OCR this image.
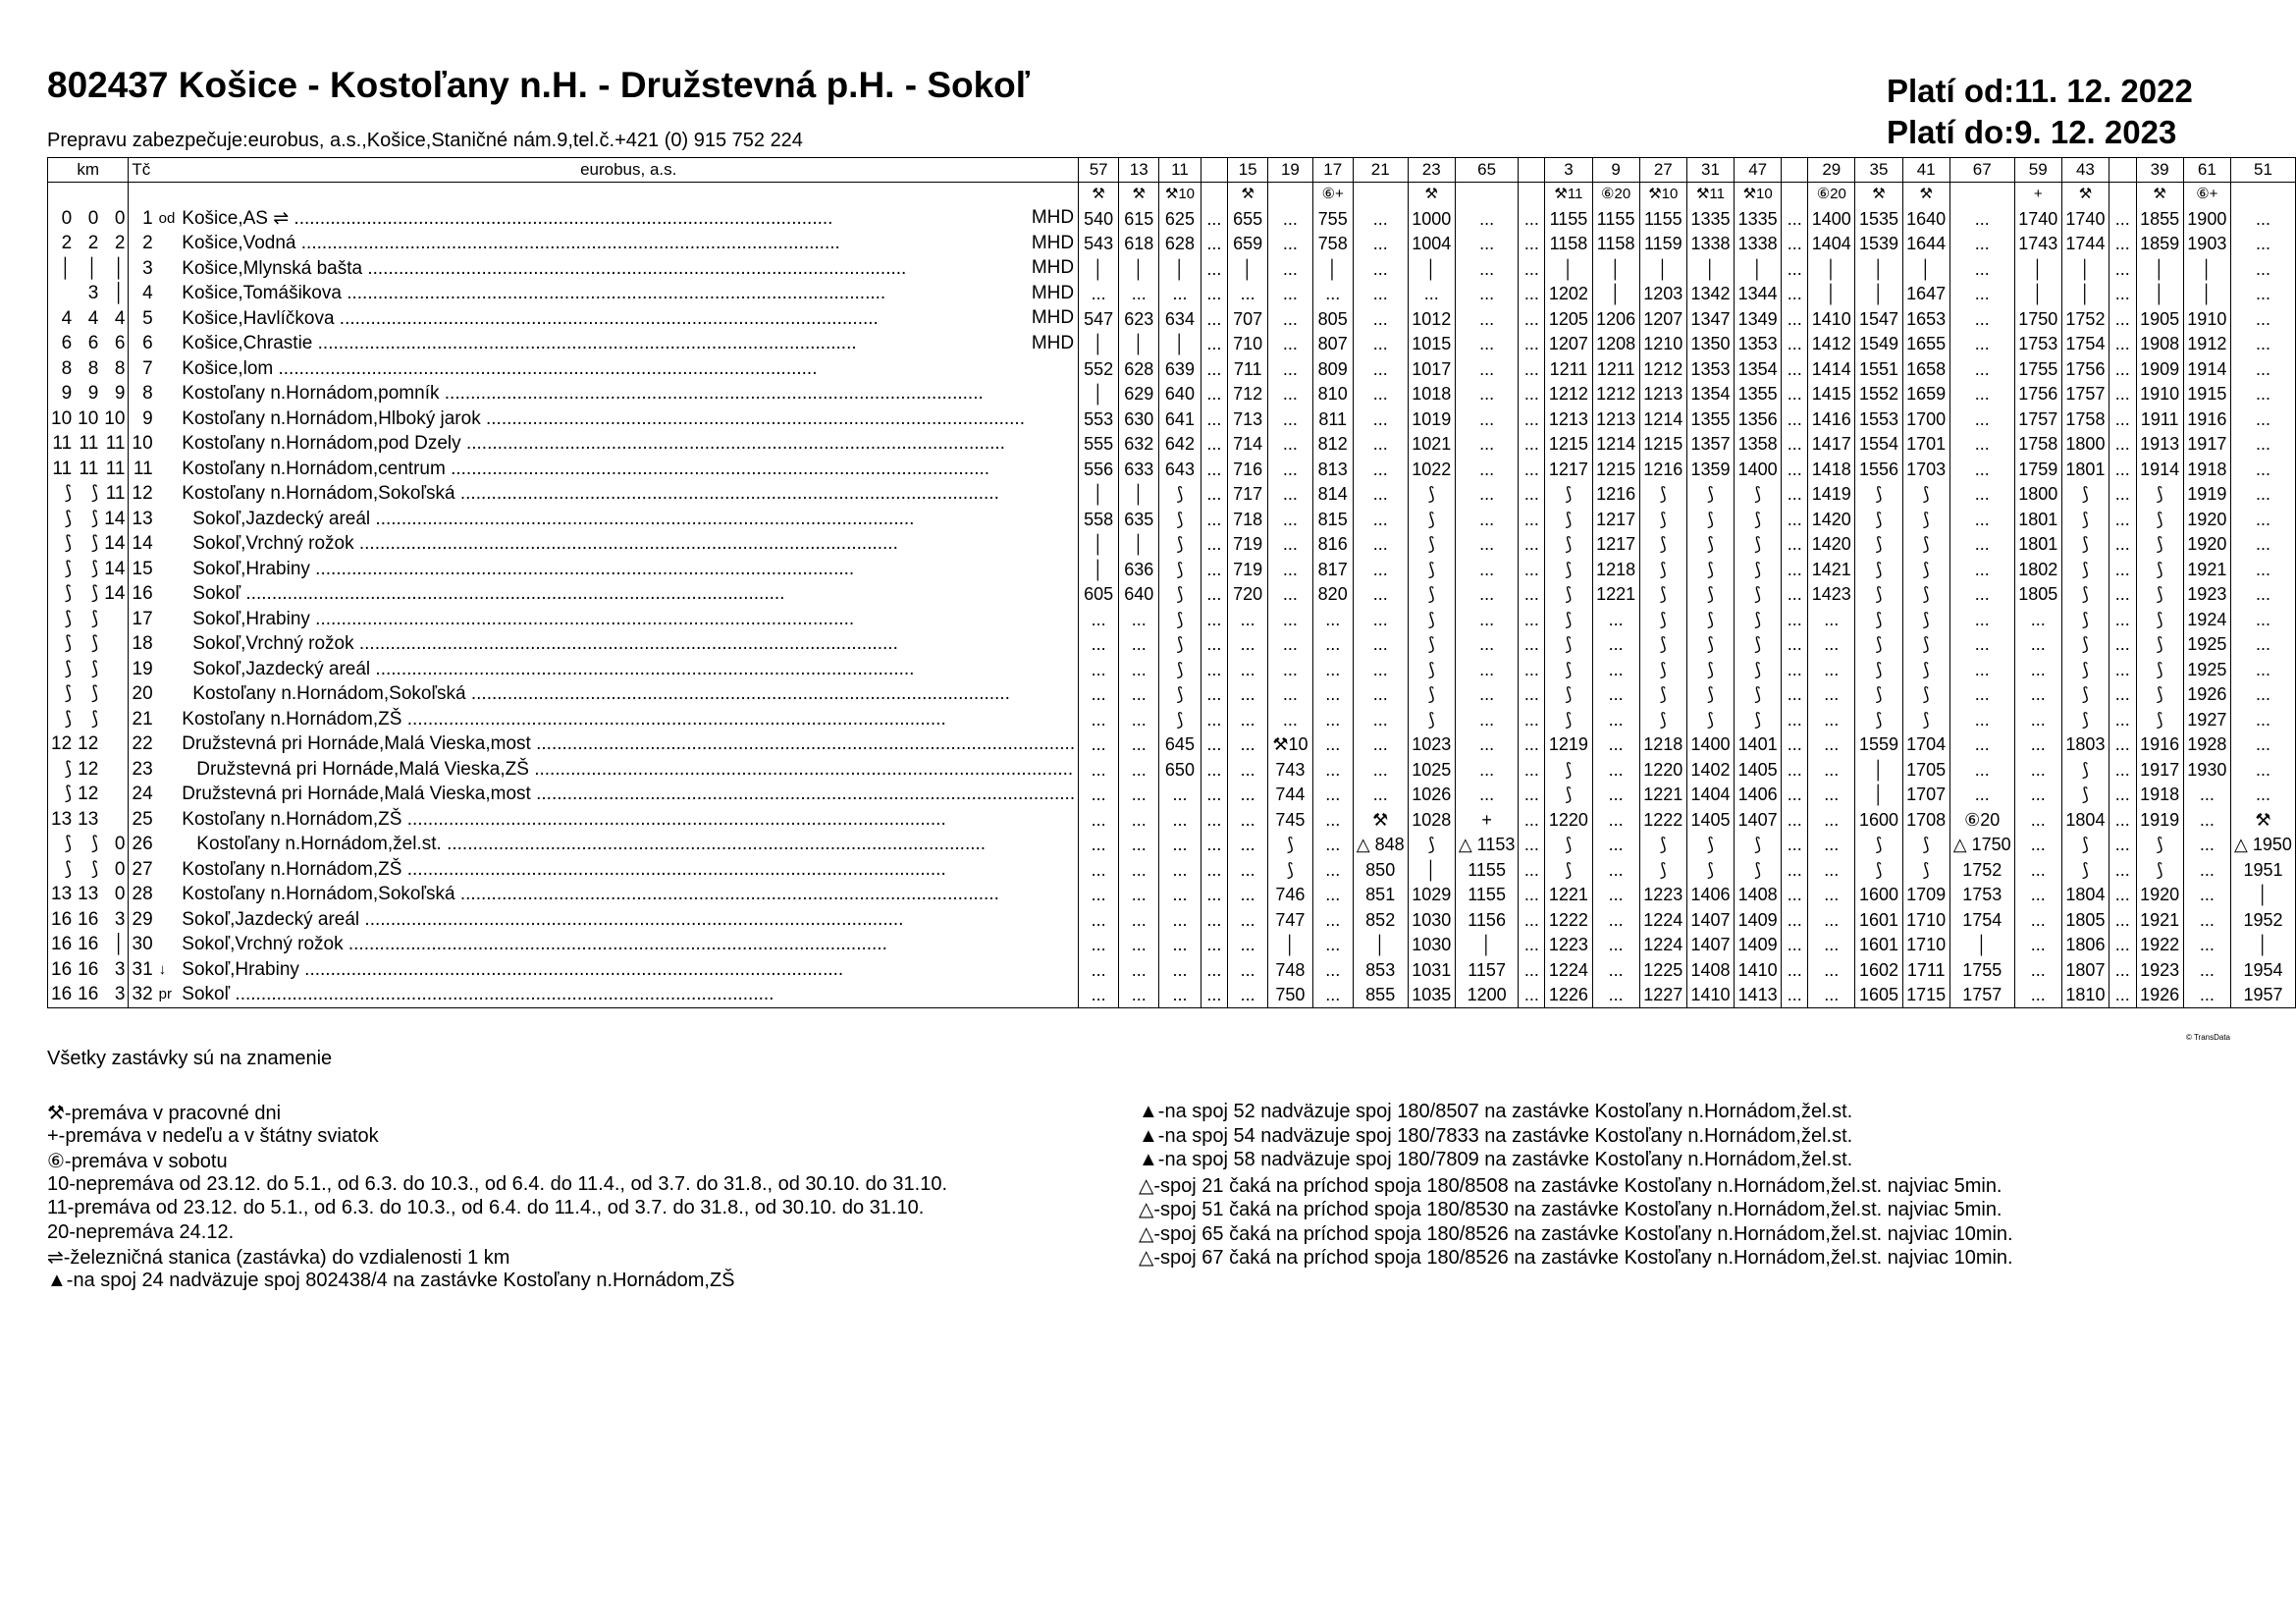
802437 Košice - Kostoľany n.H. - Družstevná p.H. - Sokoľ	Platí od:11. 12. 2022
Platí do:9. 12. 2023
Prepravu zabezpečuje:eurobus, a.s.,Košice,Staničné nám.9,tel.č.+421 (0) 915 752 224
km			Tč		eurobus, a.s.	57	13	11		15	19	17	21	23	65		3	9	27	31	47		29	35	41	67	59	43		39	61	51
						⚒	⚒	⚒10		⚒		⑥+		⚒			⚒11	⑥20	⚒10	⚒11	⚒10		⑥20	⚒	⚒		+	⚒		⚒	⑥+	
0	0	0	1	od	Košice,AS ⇌ ........................................................................................................ MHD	540	615	625	...	655	...	755	...	1000	...	...	1155	1155	1155	1335	1335	...	1400	1535	1640	...	1740	1740	...	1855	1900	...
2	2	2	2		Košice,Vodná ........................................................................................................ MHD	543	618	628	...	659	...	758	...	1004	...	...	1158	1158	1159	1338	1338	...	1404	1539	1644	...	1743	1744	...	1859	1903	...
│	│	│	3		Košice,Mlynská bašta ........................................................................................................ MHD	│	│	│	...	│	...	│	...	│	...	...	│	│	│	│	│	...	│	│	│	...	│	│	...	│	│	...
	3	│	4		Košice,Tomášikova ........................................................................................................ MHD	...	...	...	...	...	...	...	...	...	...	...	1202	│	1203	1342	1344	...	│	│	1647	...	│	│	...	│	│	...
4	4	4	5		Košice,Havlíčkova ........................................................................................................ MHD	547	623	634	...	707	...	805	...	1012	...	...	1205	1206	1207	1347	1349	...	1410	1547	1653	...	1750	1752	...	1905	1910	...
6	6	6	6		Košice,Chrastie ........................................................................................................ MHD	│	│	│	...	710	...	807	...	1015	...	...	1207	1208	1210	1350	1353	...	1412	1549	1655	...	1753	1754	...	1908	1912	...
8	8	8	7		Košice,lom ........................................................................................................	552	628	639	...	711	...	809	...	1017	...	...	1211	1211	1212	1353	1354	...	1414	1551	1658	...	1755	1756	...	1909	1914	...
9	9	9	8		Kostoľany n.Hornádom,pomník ........................................................................................................	│	629	640	...	712	...	810	...	1018	...	...	1212	1212	1213	1354	1355	...	1415	1552	1659	...	1756	1757	...	1910	1915	...
10	10	10	9		Kostoľany n.Hornádom,Hlboký jarok ........................................................................................................	553	630	641	...	713	...	811	...	1019	...	...	1213	1213	1214	1355	1356	...	1416	1553	1700	...	1757	1758	...	1911	1916	...
11	11	11	10		Kostoľany n.Hornádom,pod Dzely ........................................................................................................	555	632	642	...	714	...	812	...	1021	...	...	1215	1214	1215	1357	1358	...	1417	1554	1701	...	1758	1800	...	1913	1917	...
11	11	11	11		Kostoľany n.Hornádom,centrum ........................................................................................................	556	633	643	...	716	...	813	...	1022	...	...	1217	1215	1216	1359	1400	...	1418	1556	1703	...	1759	1801	...	1914	1918	...
⟆	⟆	11	12		Kostoľany n.Hornádom,Sokoľská ........................................................................................................	│	│	⟆	...	717	...	814	...	⟆	...	...	⟆	1216	⟆	⟆	⟆	...	1419	⟆	⟆	...	1800	⟆	...	⟆	1919	...
⟆	⟆	14	13		Sokoľ,Jazdecký areál ........................................................................................................	558	635	⟆	...	718	...	815	...	⟆	...	...	⟆	1217	⟆	⟆	⟆	...	1420	⟆	⟆	...	1801	⟆	...	⟆	1920	...
⟆	⟆	14	14		Sokoľ,Vrchný rožok ........................................................................................................	│	│	⟆	...	719	...	816	...	⟆	...	...	⟆	1217	⟆	⟆	⟆	...	1420	⟆	⟆	...	1801	⟆	...	⟆	1920	...
⟆	⟆	14	15		Sokoľ,Hrabiny ........................................................................................................	│	636	⟆	...	719	...	817	...	⟆	...	...	⟆	1218	⟆	⟆	⟆	...	1421	⟆	⟆	...	1802	⟆	...	⟆	1921	...
⟆	⟆	14	16		Sokoľ ........................................................................................................	605	640	⟆	...	720	...	820	...	⟆	...	...	⟆	1221	⟆	⟆	⟆	...	1423	⟆	⟆	...	1805	⟆	...	⟆	1923	...
⟆	⟆		17		Sokoľ,Hrabiny ........................................................................................................	...	...	⟆	...	...	...	...	...	⟆	...	...	⟆	...	⟆	⟆	⟆	...	...	⟆	⟆	...	...	⟆	...	⟆	1924	...
⟆	⟆		18		Sokoľ,Vrchný rožok ........................................................................................................	...	...	⟆	...	...	...	...	...	⟆	...	...	⟆	...	⟆	⟆	⟆	...	...	⟆	⟆	...	...	⟆	...	⟆	1925	...
⟆	⟆		19		Sokoľ,Jazdecký areál ........................................................................................................	...	...	⟆	...	...	...	...	...	⟆	...	...	⟆	...	⟆	⟆	⟆	...	...	⟆	⟆	...	...	⟆	...	⟆	1925	...
⟆	⟆		20		Kostoľany n.Hornádom,Sokoľská ........................................................................................................	...	...	⟆	...	...	...	...	...	⟆	...	...	⟆	...	⟆	⟆	⟆	...	...	⟆	⟆	...	...	⟆	...	⟆	1926	...
⟆	⟆		21		Kostoľany n.Hornádom,ZŠ ........................................................................................................	...	...	⟆	...	...	...	...	...	⟆	...	...	⟆	...	⟆	⟆	⟆	...	...	⟆	⟆	...	...	⟆	...	⟆	1927	...
12	12		22		Družstevná pri Hornáde,Malá Vieska,most ........................................................................................................	...	...	645	...	...	⚒10	...	...	1023	...	...	1219	...	1218	1400	1401	...	...	1559	1704	...	...	1803	...	1916	1928	...
⟆	12		23		Družstevná pri Hornáde,Malá Vieska,ZŠ ........................................................................................................	...	...	650	...	...	743	...	...	1025	...	...	⟆	...	1220	1402	1405	...	...	│	1705	...	...	⟆	...	1917	1930	...
⟆	12		24		Družstevná pri Hornáde,Malá Vieska,most ........................................................................................................	...	...	...	...	...	744	...	...	1026	...	...	⟆	...	1221	1404	1406	...	...	│	1707	...	...	⟆	...	1918	...	...
13	13		25		Kostoľany n.Hornádom,ZŠ ........................................................................................................	...	...	...	...	...	745	...	⚒	1028	+	...	1220	...	1222	1405	1407	...	...	1600	1708	⑥20	...	1804	...	1919	...	⚒
⟆	⟆	0	26		Kostoľany n.Hornádom,žel.st. ........................................................................................................	...	...	...	...	...	⟆	...	△ 848	⟆	△ 1153	...	⟆	...	⟆	⟆	⟆	...	...	⟆	⟆	△ 1750	...	⟆	...	⟆	...	△ 1950
⟆	⟆	0	27		Kostoľany n.Hornádom,ZŠ ........................................................................................................	...	...	...	...	...	⟆	...	850	│	1155	...	⟆	...	⟆	⟆	⟆	...	...	⟆	⟆	1752	...	⟆	...	⟆	...	1951
13	13	0	28		Kostoľany n.Hornádom,Sokoľská ........................................................................................................	...	...	...	...	...	746	...	851	1029	1155	...	1221	...	1223	1406	1408	...	...	1600	1709	1753	...	1804	...	1920	...	│
16	16	3	29		Sokoľ,Jazdecký areál ........................................................................................................	...	...	...	...	...	747	...	852	1030	1156	...	1222	...	1224	1407	1409	...	...	1601	1710	1754	...	1805	...	1921	...	1952
16	16	│	30		Sokoľ,Vrchný rožok ........................................................................................................	...	...	...	...	...	│	...	│	1030	│	...	1223	...	1224	1407	1409	...	...	1601	1710	│	...	1806	...	1922	...	│
16	16	3	31	↓	Sokoľ,Hrabiny ........................................................................................................	...	...	...	...	...	748	...	853	1031	1157	...	1224	...	1225	1408	1410	...	...	1602	1711	1755	...	1807	...	1923	...	1954
16	16	3	32	pr	Sokoľ ........................................................................................................	...	...	...	...	...	750	...	855	1035	1200	...	1226	...	1227	1410	1413	...	...	1605	1715	1757	...	1810	...	1926	...	1957
© TransData
Všetky zastávky sú na znamenie
⚒-premáva v pracovné dni
+-premáva v nedeľu a v štátny sviatok
⑥-premáva v sobotu
10-nepremáva od 23.12. do 5.1., od 6.3. do 10.3., od 6.4. do 11.4., od 3.7. do 31.8., od 30.10. do 31.10.
11-premáva od 23.12. do 5.1., od 6.3. do 10.3., od 6.4. do 11.4., od 3.7. do 31.8., od 30.10. do 31.10.
20-nepremáva 24.12.
⇌-železničná stanica (zastávka) do vzdialenosti 1 km
▲-na spoj 24 nadväzuje spoj 802438/4 na zastávke Kostoľany n.Hornádom,ZŠ
▲-na spoj 52 nadväzuje spoj 180/8507 na zastávke Kostoľany n.Hornádom,žel.st.
▲-na spoj 54 nadväzuje spoj 180/7833 na zastávke Kostoľany n.Hornádom,žel.st.
▲-na spoj 58 nadväzuje spoj 180/7809 na zastávke Kostoľany n.Hornádom,žel.st.
△-spoj 21 čaká na príchod spoja 180/8508 na zastávke Kostoľany n.Hornádom,žel.st. najviac 5min.
△-spoj 51 čaká na príchod spoja 180/8530 na zastávke Kostoľany n.Hornádom,žel.st. najviac 5min.
△-spoj 65 čaká na príchod spoja 180/8526 na zastávke Kostoľany n.Hornádom,žel.st. najviac 10min.
△-spoj 67 čaká na príchod spoja 180/8526 na zastávke Kostoľany n.Hornádom,žel.st. najviac 10min.
